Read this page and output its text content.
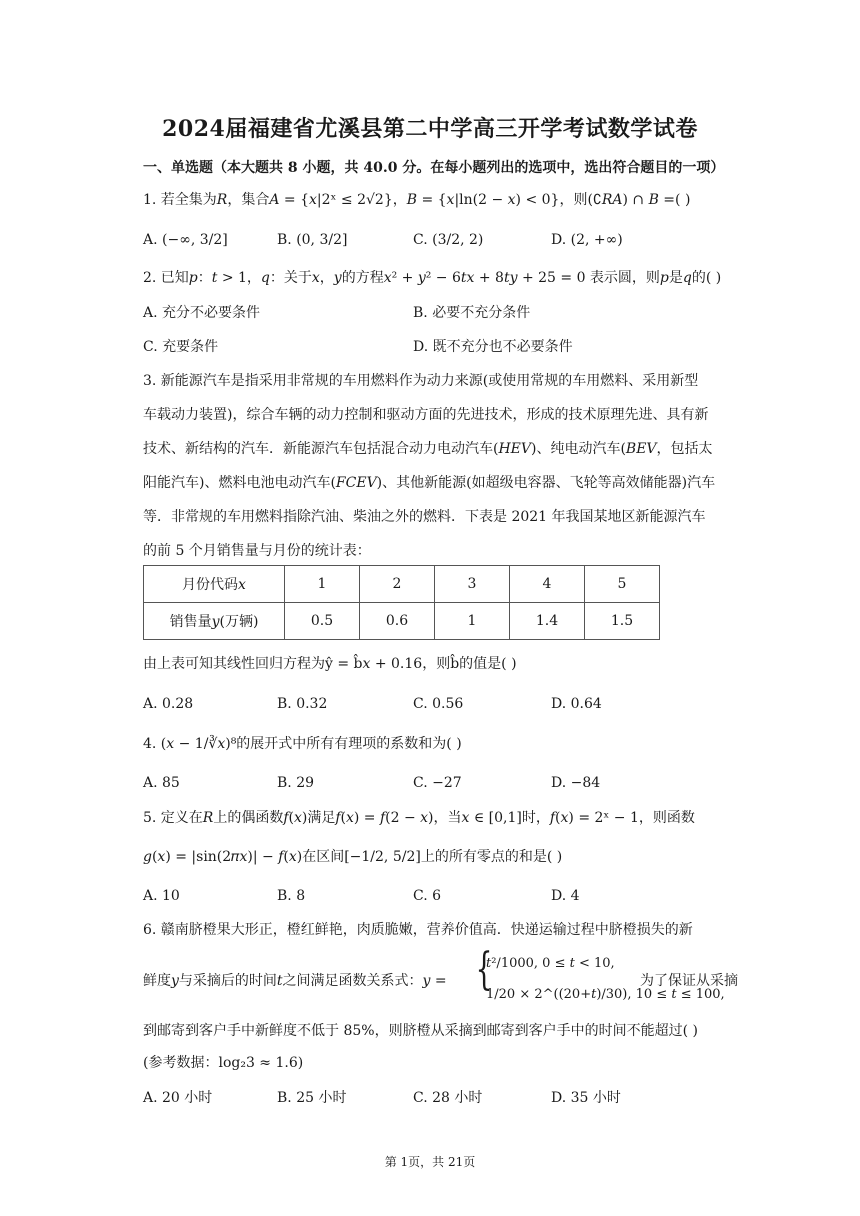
2024届福建省尤溪县第二中学高三开学考试数学试卷
一、单选题（本大题共 8 小题，共 40.0 分。在每小题列出的选项中，选出符合题目的一项）
1. 若全集为𝑅，集合𝐴 = {𝑥|2ˣ ≤ 2√2}，𝐵 = {𝑥|ln(2 − 𝑥) < 0}，则(∁𝑅𝐴) ∩ 𝐵 =( )
A. (−∞, 3/2]	B. (0, 3/2]	C. (3/2, 2)	D. (2, +∞)
2. 已知𝑝：𝑡 > 1，𝑞：关于𝑥，𝑦的方程𝑥² + 𝑦² − 6𝑡𝑥 + 8𝑡𝑦 + 25 = 0 表示圆，则𝑝是𝑞的( )
A. 充分不必要条件	B. 必要不充分条件
C. 充要条件	D. 既不充分也不必要条件
3. 新能源汽车是指采用非常规的车用燃料作为动力来源(或使用常规的车用燃料、采用新型
车载动力装置)，综合车辆的动力控制和驱动方面的先进技术，形成的技术原理先进、具有新
技术、新结构的汽车．新能源汽车包括混合动力电动汽车(𝐻𝐸𝑉)、纯电动汽车(𝐵𝐸𝑉，包括太
阳能汽车)、燃料电池电动汽车(𝐹𝐶𝐸𝑉)、其他新能源(如超级电容器、飞轮等高效储能器)汽车
等．非常规的车用燃料指除汽油、柴油之外的燃料．下表是 2021 年我国某地区新能源汽车
的前 5 个月销售量与月份的统计表：
月份代码𝑥	1	2	3	4	5
销售量𝑦(万辆)	0.5	0.6	1	1.4	1.5
由上表可知其线性回归方程为ŷ = b̂𝑥 + 0.16，则b̂的值是( )
A. 0.28	B. 0.32	C. 0.56	D. 0.64
4. (𝑥 − 1/∛𝑥)⁸的展开式中所有有理项的系数和为( )
A. 85	B. 29	C. −27	D. −84
5. 定义在𝑅上的偶函数𝑓(𝑥)满足𝑓(𝑥) = 𝑓(2 − 𝑥)，当𝑥 ∈ [0,1]时，𝑓(𝑥) = 2ˣ − 1，则函数
𝑔(𝑥) = |sin(2𝜋𝑥)| − 𝑓(𝑥)在区间[−1/2, 5/2]上的所有零点的和是( )
A. 10	B. 8	C. 6	D. 4
6. 赣南脐橙果大形正，橙红鲜艳，肉质脆嫩，营养价值高．快递运输过程中脐橙损失的新
鲜度𝑦与采摘后的时间𝑡之间满足函数关系式：𝑦 = {
𝑡²/1000, 0 ≤ 𝑡 < 10,
1/20 × 2^((20+𝑡)/30), 10 ≤ 𝑡 ≤ 100,
为了保证从采摘
到邮寄到客户手中新鲜度不低于 85%，则脐橙从采摘到邮寄到客户手中的时间不能超过( )
(参考数据：log₂3 ≈ 1.6)
A. 20 小时	B. 25 小时	C. 28 小时	D. 35 小时
第 1页，共 21页
